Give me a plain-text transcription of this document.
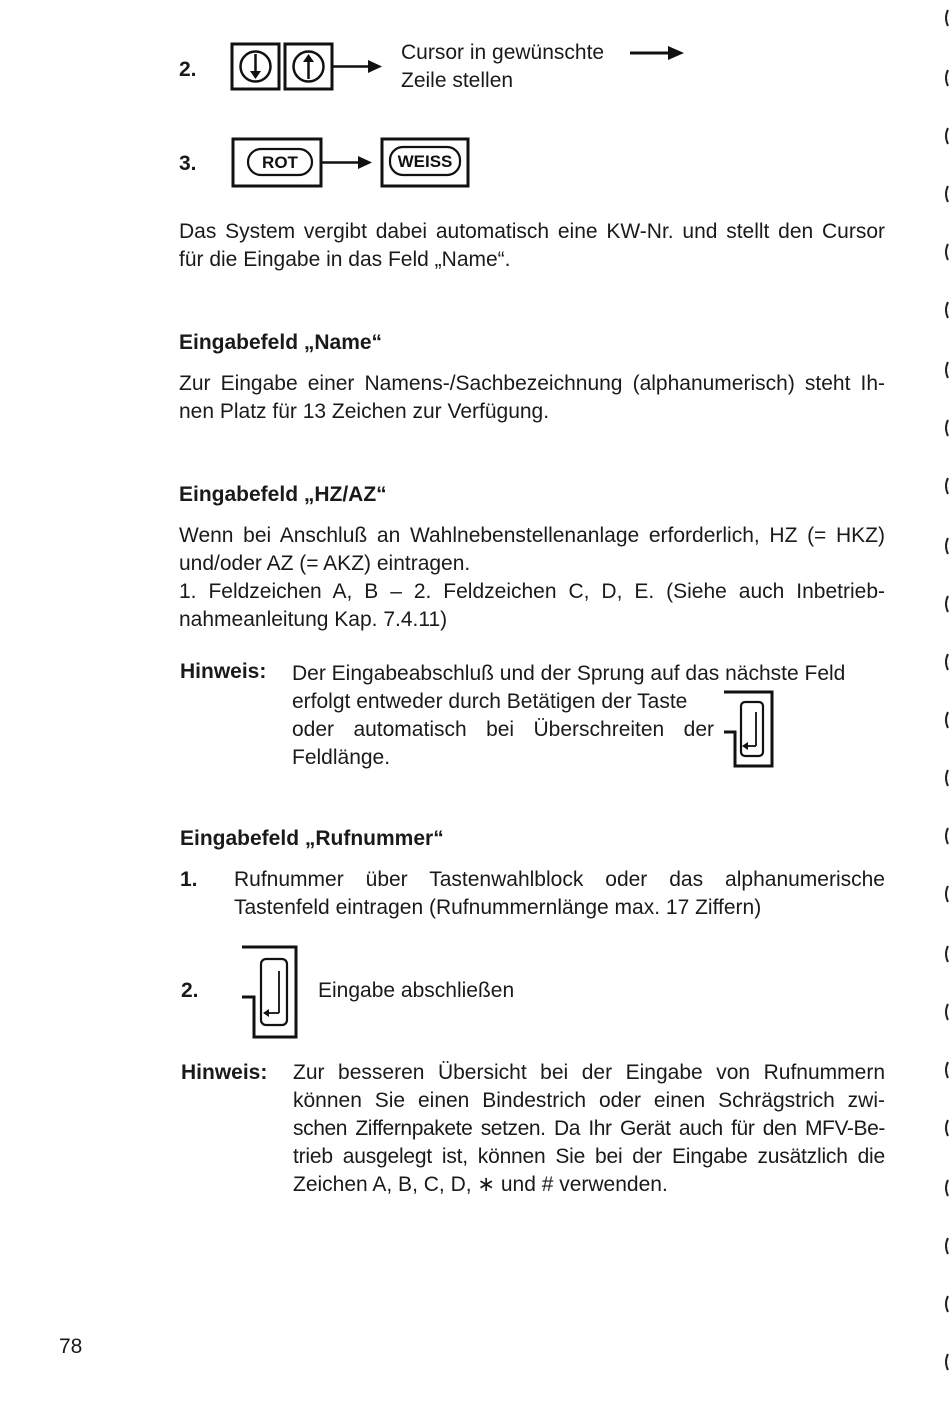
2.
Cursor in gewünschte
Zeile stellen
3.	ROT	WEISS
Das System vergibt dabei automatisch eine KW-Nr. und stellt den Cursor
für die Eingabe in das Feld „Name“.
Eingabefeld „Name“
Zur Eingabe einer Namens-/Sachbezeichnung (alphanumerisch) steht Ih-
nen Platz für 13 Zeichen zur Verfügung.
Eingabefeld „HZ/AZ“
Wenn bei Anschluß an Wahlnebenstellenanlage erforderlich, HZ (= HKZ)
und/oder AZ (= AKZ) eintragen.
1. Feldzeichen A, B – 2. Feldzeichen C, D, E. (Siehe auch Inbetrieb-
nahmeanleitung Kap. 7.4.11)
Hinweis: Der Eingabeabschluß und der Sprung auf das nächste Feld
erfolgt entweder durch Betätigen der Taste
oder automatisch bei Überschreiten der
Feldlänge.
Eingabefeld „Rufnummer“
1. Rufnummer über Tastenwahlblock oder das alphanumerische
Tastenfeld eintragen (Rufnummernlänge max. 17 Ziffern)
2.	Eingabe abschließen
Hinweis: Zur besseren Übersicht bei der Eingabe von Rufnummern
können Sie einen Bindestrich oder einen Schrägstrich zwi-
schen Ziffernpakete setzen. Da Ihr Gerät auch für den MFV-Be-
trieb ausgelegt ist, können Sie bei der Eingabe zusätzlich die
Zeichen A, B, C, D, ∗ und # verwenden.
78
